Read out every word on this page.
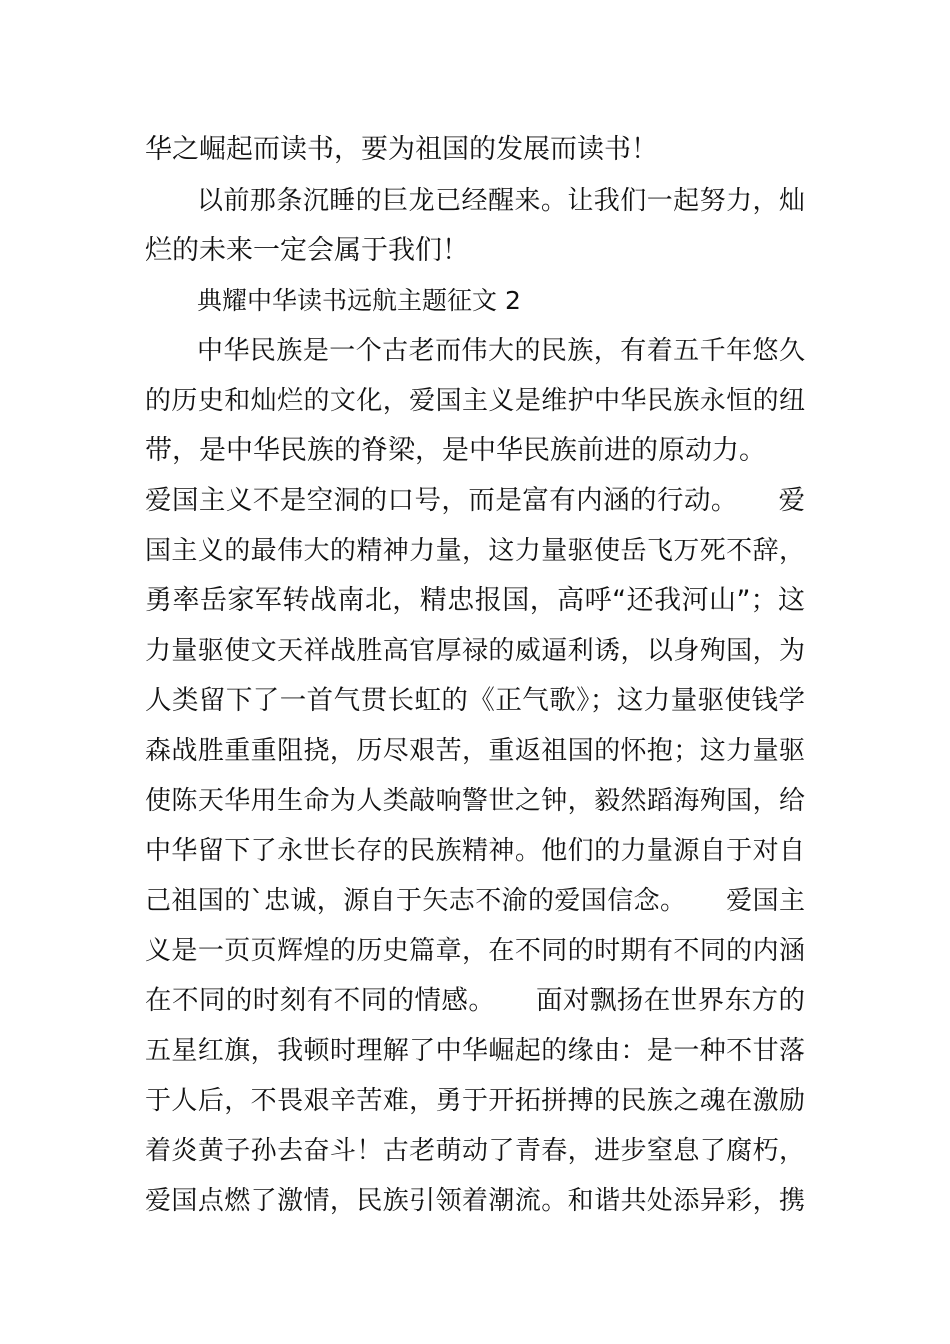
华之崛起而读书，要为祖国的发展而读书！
以前那条沉睡的巨龙已经醒来。让我们一起努力，灿
烂的未来一定会属于我们！
典耀中华读书远航主题征文 2
中华民族是一个古老而伟大的民族，有着五千年悠久
的历史和灿烂的文化，爱国主义是维护中华民族永恒的纽
带，是中华民族的脊梁，是中华民族前进的原动力。
爱国主义不是空洞的口号，而是富有内涵的行动。　　爱
国主义的最伟大的精神力量，这力量驱使岳飞万死不辞，
勇率岳家军转战南北，精忠报国，高呼“还我河山”；这
力量驱使文天祥战胜高官厚禄的威逼利诱，以身殉国，为
人类留下了一首气贯长虹的《正气歌》；这力量驱使钱学
森战胜重重阻挠，历尽艰苦，重返祖国的怀抱；这力量驱
使陈天华用生命为人类敲响警世之钟，毅然蹈海殉国，给
中华留下了永世长存的民族精神。他们的力量源自于对自
己祖国的`忠诚，源自于矢志不渝的爱国信念。　　爱国主
义是一页页辉煌的历史篇章，在不同的时期有不同的内涵
在不同的时刻有不同的情感。　　面对飘扬在世界东方的
五星红旗，我顿时理解了中华崛起的缘由：是一种不甘落
于人后，不畏艰辛苦难，勇于开拓拼搏的民族之魂在激励
着炎黄子孙去奋斗！古老萌动了青春，进步窒息了腐朽，
爱国点燃了激情，民族引领着潮流。和谐共处添异彩，携
